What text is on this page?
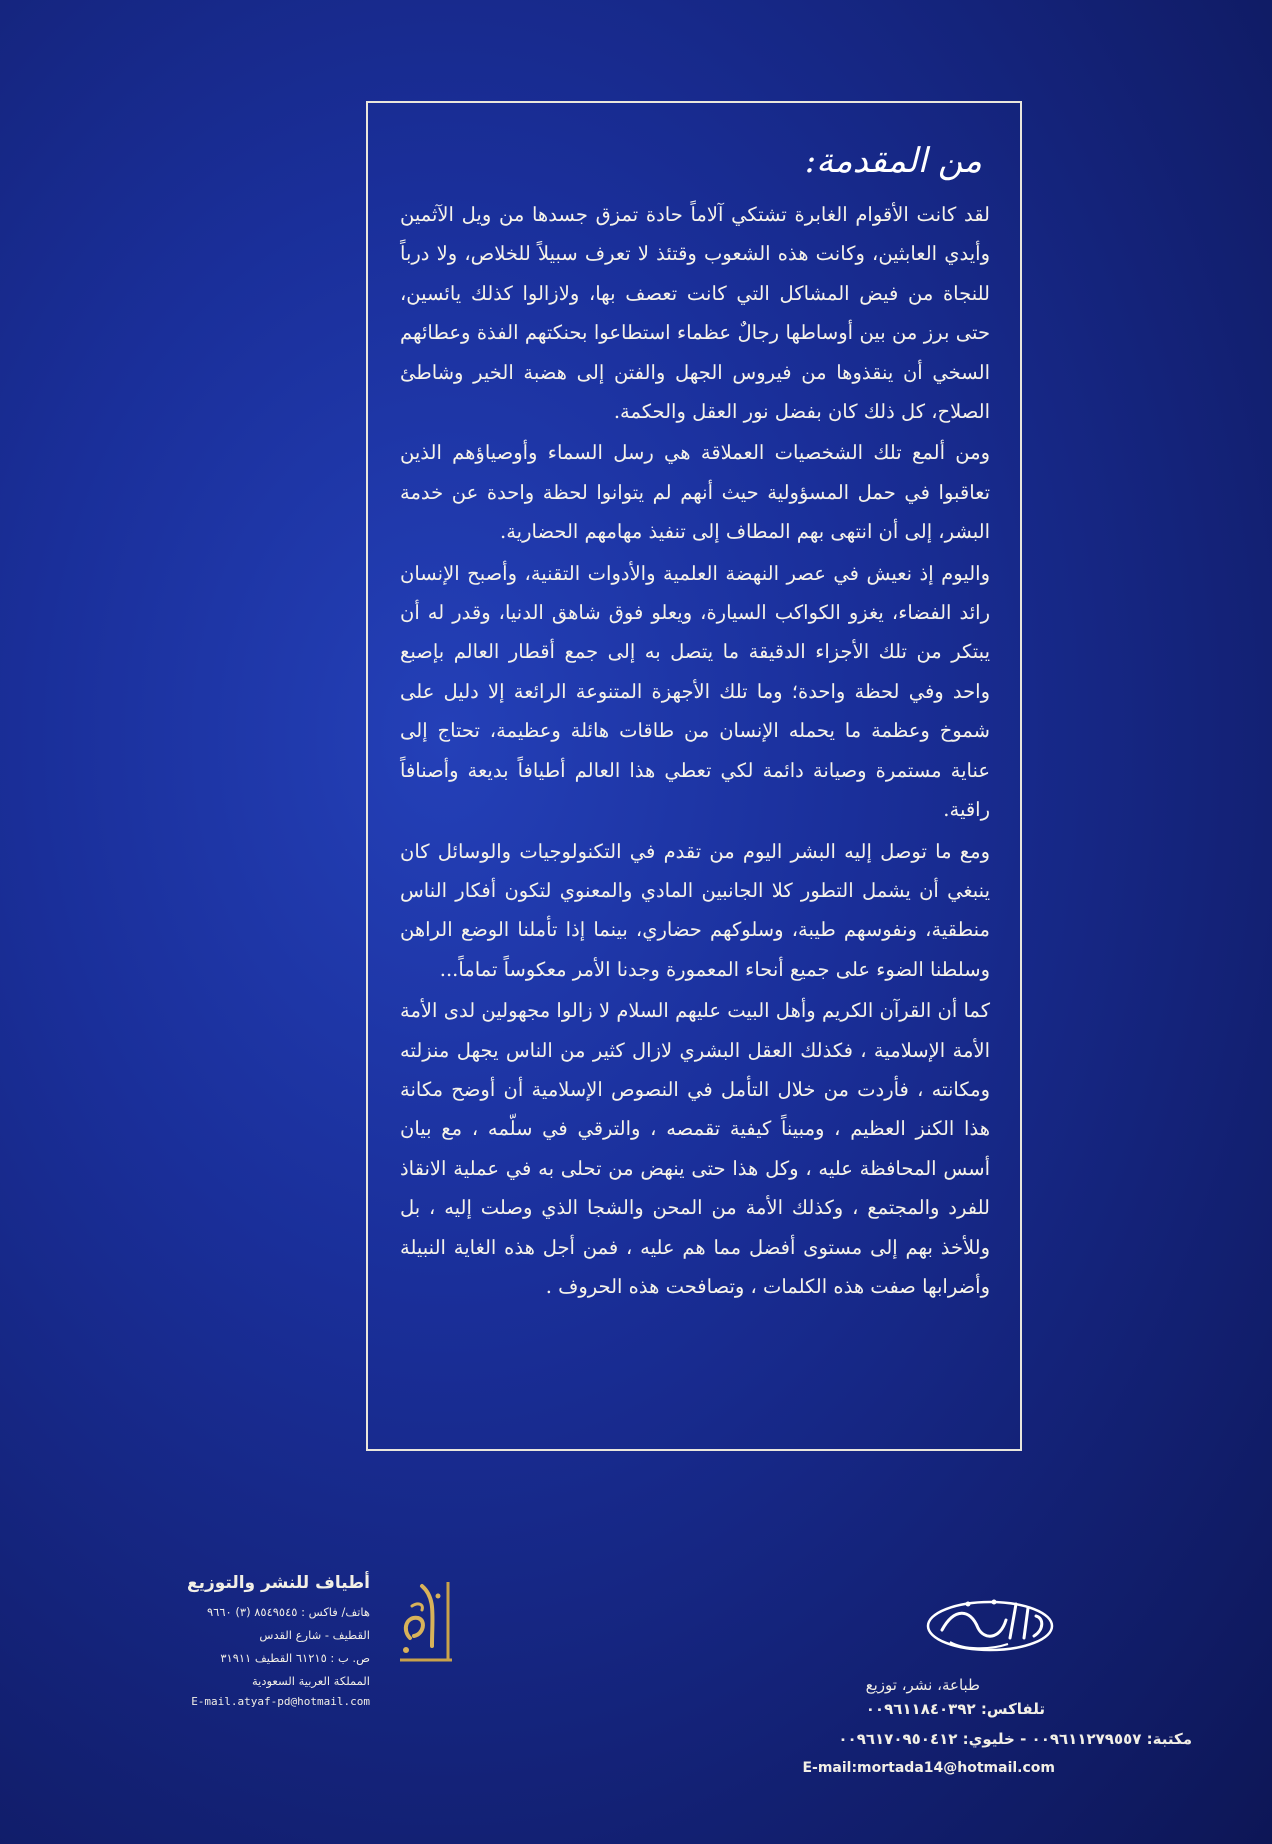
من المقدمة:

لقد كانت الأقوام الغابرة تشتكي آلاماً حادة تمزق جسدها من ويل الآثمين وأيدي العابثين، وكانت هذه الشعوب وقتئذ لا تعرف سبيلاً للخلاص، ولا درباً للنجاة من فيض المشاكل التي كانت تعصف بها، ولازالوا كذلك يائسين، حتى برز من بين أوساطها رجالٌ عظماء استطاعوا بحنكتهم الفذة وعطائهم السخي أن ينقذوها من فيروس الجهل والفتن إلى هضبة الخير وشاطئ الصلاح، كل ذلك كان بفضل نور العقل والحكمة.

ومن ألمع تلك الشخصيات العملاقة هي رسل السماء وأوصياؤهم الذين تعاقبوا في حمل المسؤولية حيث أنهم لم يتوانوا لحظة واحدة عن خدمة البشر، إلى أن انتهى بهم المطاف إلى تنفيذ مهامهم الحضارية.

واليوم إذ نعيش في عصر النهضة العلمية والأدوات التقنية، وأصبح الإنسان رائد الفضاء، يغزو الكواكب السيارة، ويعلو فوق شاهق الدنيا، وقدر له أن يبتكر من تلك الأجزاء الدقيقة ما يتصل به إلى جمع أقطار العالم بإصبع واحد وفي لحظة واحدة؛ وما تلك الأجهزة المتنوعة الرائعة إلا دليل على شموخ وعظمة ما يحمله الإنسان من طاقات هائلة وعظيمة، تحتاج إلى عناية مستمرة وصيانة دائمة لكي تعطي هذا العالم أطيافاً بديعة وأصنافاً راقية.

ومع ما توصل إليه البشر اليوم من تقدم في التكنولوجيات والوسائل كان ينبغي أن يشمل التطور كلا الجانبين المادي والمعنوي لتكون أفكار الناس منطقية، ونفوسهم طيبة، وسلوكهم حضاري، بينما إذا تأملنا الوضع الراهن وسلطنا الضوء على جميع أنحاء المعمورة وجدنا الأمر معكوساً تماماً...

كما أن القرآن الكريم وأهل البيت عليهم السلام لا زالوا مجهولين لدى الأمة الأمة الإسلامية ، فكذلك العقل البشري لازال كثير من الناس يجهل منزلته ومكانته ، فأردت من خلال التأمل في النصوص الإسلامية أن أوضح مكانة هذا الكنز العظيم ، ومبيناً كيفية تقمصه ، والترقي في سلّمه ، مع بيان أسس المحافظة عليه ، وكل هذا حتى ينهض من تحلى به في عملية الانقاذ للفرد والمجتمع ، وكذلك الأمة من المحن والشجا الذي وصلت إليه ، بل وللأخذ بهم إلى مستوى أفضل مما هم عليه ، فمن أجل هذه الغاية النبيلة وأضرابها صفت هذه الكلمات ، وتصافحت هذه الحروف .

أطياف للنشر والتوزيع
هاتف/ فاكس : ٨٥٤٩٥٤٥ (٣) ٩٦٦٠
القطيف - شارع القدس
ص. ب : ٦١٢١٥ القطيف ٣١٩١١
المملكة العربية السعودية
E-mail.atyaf-pd@hotmail.com
طباعة، نشر، توزيع
تلفاكس: ٠٠٩٦١١٨٤٠٣٩٢
مكتبة: ٠٠٩٦١١٢٧٩٥٥٧ - خليوي: ٠٠٩٦١٧٠٩٥٠٤١٢
E-mail:mortada14@hotmail.com
